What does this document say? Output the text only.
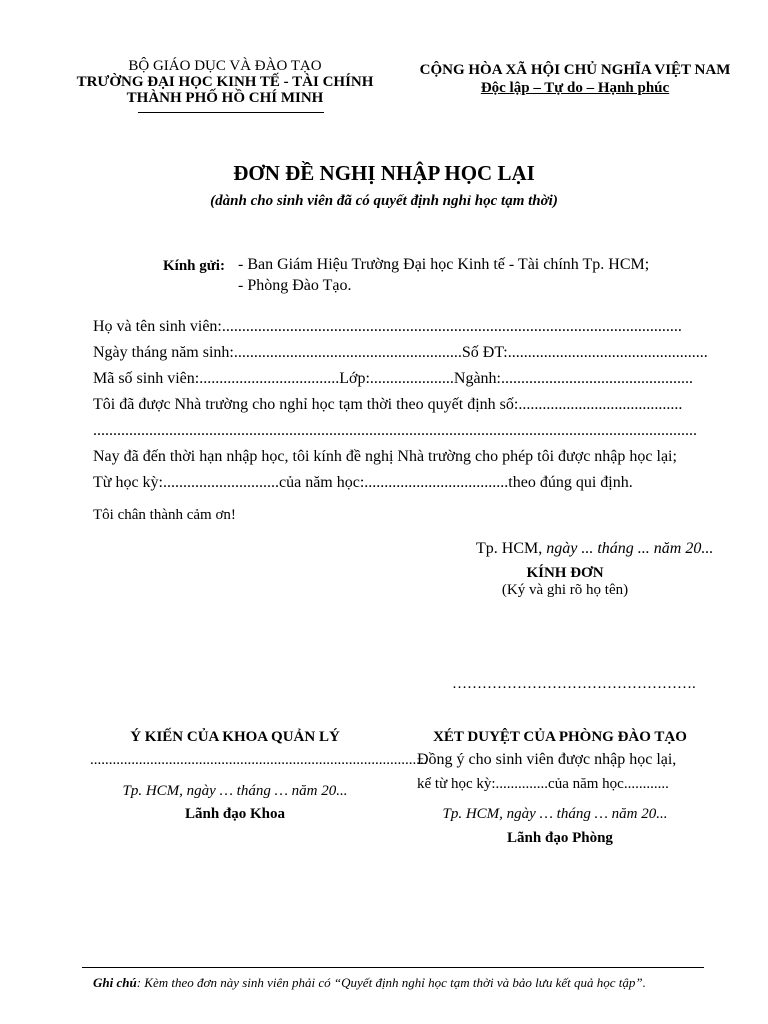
BỘ GIÁO DỤC VÀ ĐÀO TẠO
TRƯỜNG ĐẠI HỌC KINH TẾ - TÀI CHÍNH
THÀNH PHỐ HỒ CHÍ MINH
CỘNG HÒA XÃ HỘI CHỦ NGHĨA VIỆT NAM
Độc lập – Tự do – Hạnh phúc
ĐƠN ĐỀ NGHỊ NHẬP HỌC LẠI
(dành cho sinh viên đã có quyết định nghỉ học tạm thời)
Kính gửi: - Ban Giám Hiệu Trường Đại học Kinh tế - Tài chính Tp. HCM;
- Phòng Đào Tạo.
Họ và tên sinh viên:...................................................................................................................
Ngày tháng năm sinh:.........................................................Số ĐT:..................................................
Mã số sinh viên:...................................Lớp:.....................Ngành:................................................
Tôi đã được Nhà trường cho nghỉ học tạm thời theo quyết định số:.........................................
.......................................................................................................................................................
Nay đã đến thời hạn nhập học, tôi kính đề nghị Nhà trường cho phép tôi được nhập học lại;
Từ học kỳ:.............................của năm học:....................................theo đúng qui định.
Tôi chân thành cảm ơn!
Tp. HCM, ngày ... tháng ... năm 20...
KÍNH ĐƠN
(Ký và ghi rõ họ tên)
………………………………………….
Ý KIẾN CỦA KHOA QUẢN LÝ
..........................................................................................
Tp. HCM, ngày … tháng … năm 20...
Lãnh đạo Khoa
XÉT DUYỆT CỦA PHÒNG ĐÀO TẠO
Đồng ý cho sinh viên được nhập học lại,
kể từ học kỳ:..............của năm học............
Tp. HCM, ngày … tháng … năm 20...
Lãnh đạo Phòng
Ghi chú: Kèm theo đơn này sinh viên phải có “Quyết định nghỉ học tạm thời và bảo lưu kết quả học tập”.
